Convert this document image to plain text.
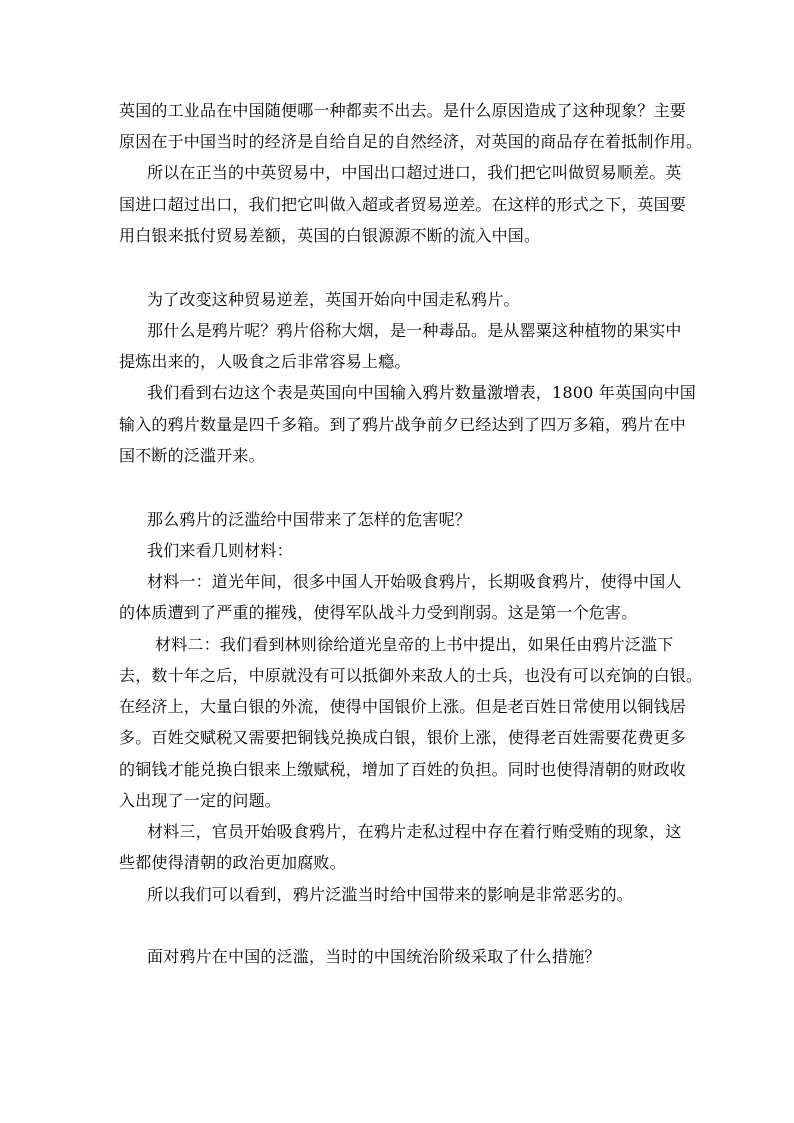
英国的工业品在中国随便哪一种都卖不出去。是什么原因造成了这种现象？主要
原因在于中国当时的经济是自给自足的自然经济，对英国的商品存在着抵制作用。
所以在正当的中英贸易中，中国出口超过进口，我们把它叫做贸易顺差。英
国进口超过出口，我们把它叫做入超或者贸易逆差。在这样的形式之下，英国要
用白银来抵付贸易差额，英国的白银源源不断的流入中国。
为了改变这种贸易逆差，英国开始向中国走私鸦片。
那什么是鸦片呢？鸦片俗称大烟，是一种毒品。是从罂粟这种植物的果实中
提炼出来的，人吸食之后非常容易上瘾。
我们看到右边这个表是英国向中国输入鸦片数量激增表，1800 年英国向中国
输入的鸦片数量是四千多箱。到了鸦片战争前夕已经达到了四万多箱，鸦片在中
国不断的泛滥开来。
那么鸦片的泛滥给中国带来了怎样的危害呢？
我们来看几则材料：
材料一：道光年间，很多中国人开始吸食鸦片，长期吸食鸦片，使得中国人
的体质遭到了严重的摧残，使得军队战斗力受到削弱。这是第一个危害。
材料二：我们看到林则徐给道光皇帝的上书中提出，如果任由鸦片泛滥下
去，数十年之后，中原就没有可以抵御外来敌人的士兵，也没有可以充饷的白银。
在经济上，大量白银的外流，使得中国银价上涨。但是老百姓日常使用以铜钱居
多。百姓交赋税又需要把铜钱兑换成白银，银价上涨，使得老百姓需要花费更多
的铜钱才能兑换白银来上缴赋税，增加了百姓的负担。同时也使得清朝的财政收
入出现了一定的问题。
材料三，官员开始吸食鸦片，在鸦片走私过程中存在着行贿受贿的现象，这
些都使得清朝的政治更加腐败。
所以我们可以看到，鸦片泛滥当时给中国带来的影响是非常恶劣的。
面对鸦片在中国的泛滥，当时的中国统治阶级采取了什么措施？
